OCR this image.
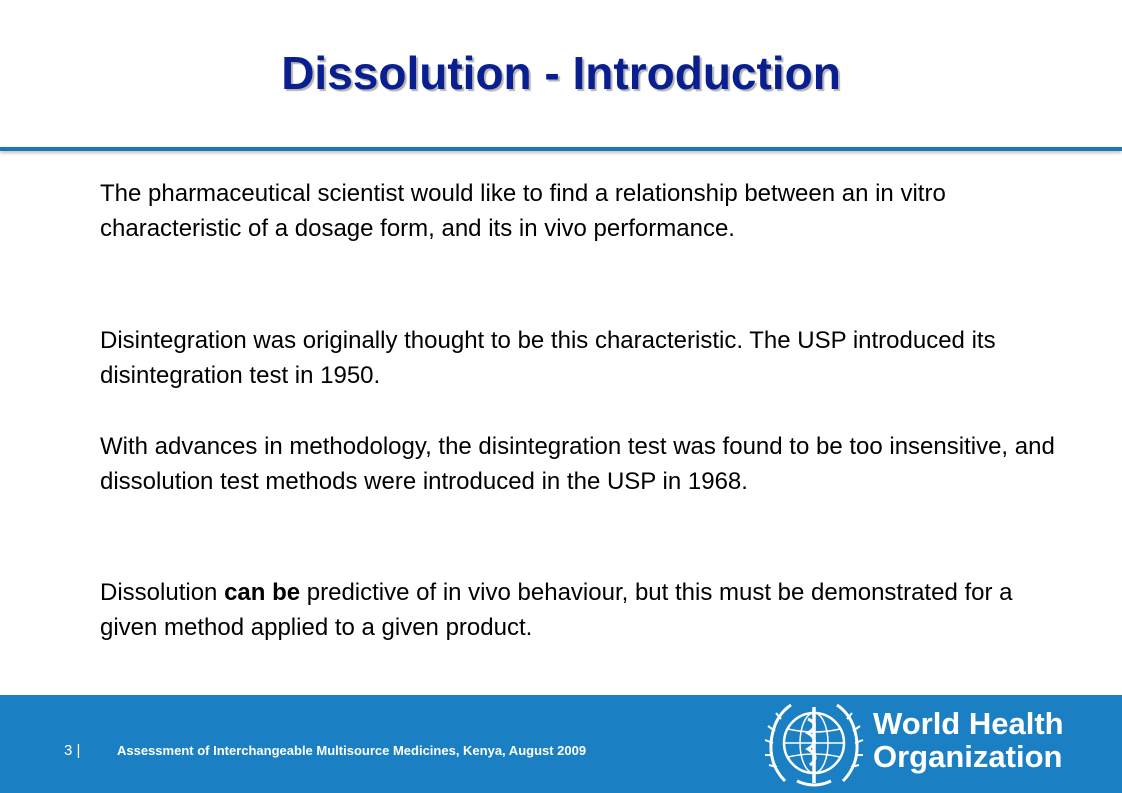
Dissolution - Introduction

The pharmaceutical scientist would like to find a relationship between an in vitro characteristic of a dosage form, and its in vivo performance.

Disintegration was originally thought to be this characteristic. The USP introduced its disintegration test in 1950.

With advances in methodology, the disintegration test was found to be too insensitive, and dissolution test methods were introduced in the USP in 1968.

Dissolution can be predictive of in vivo behaviour, but this must be demonstrated for a given method applied to a given product.

3 |	Assessment of Interchangeable Multisource Medicines, Kenya, August 2009
World Health
Organization
